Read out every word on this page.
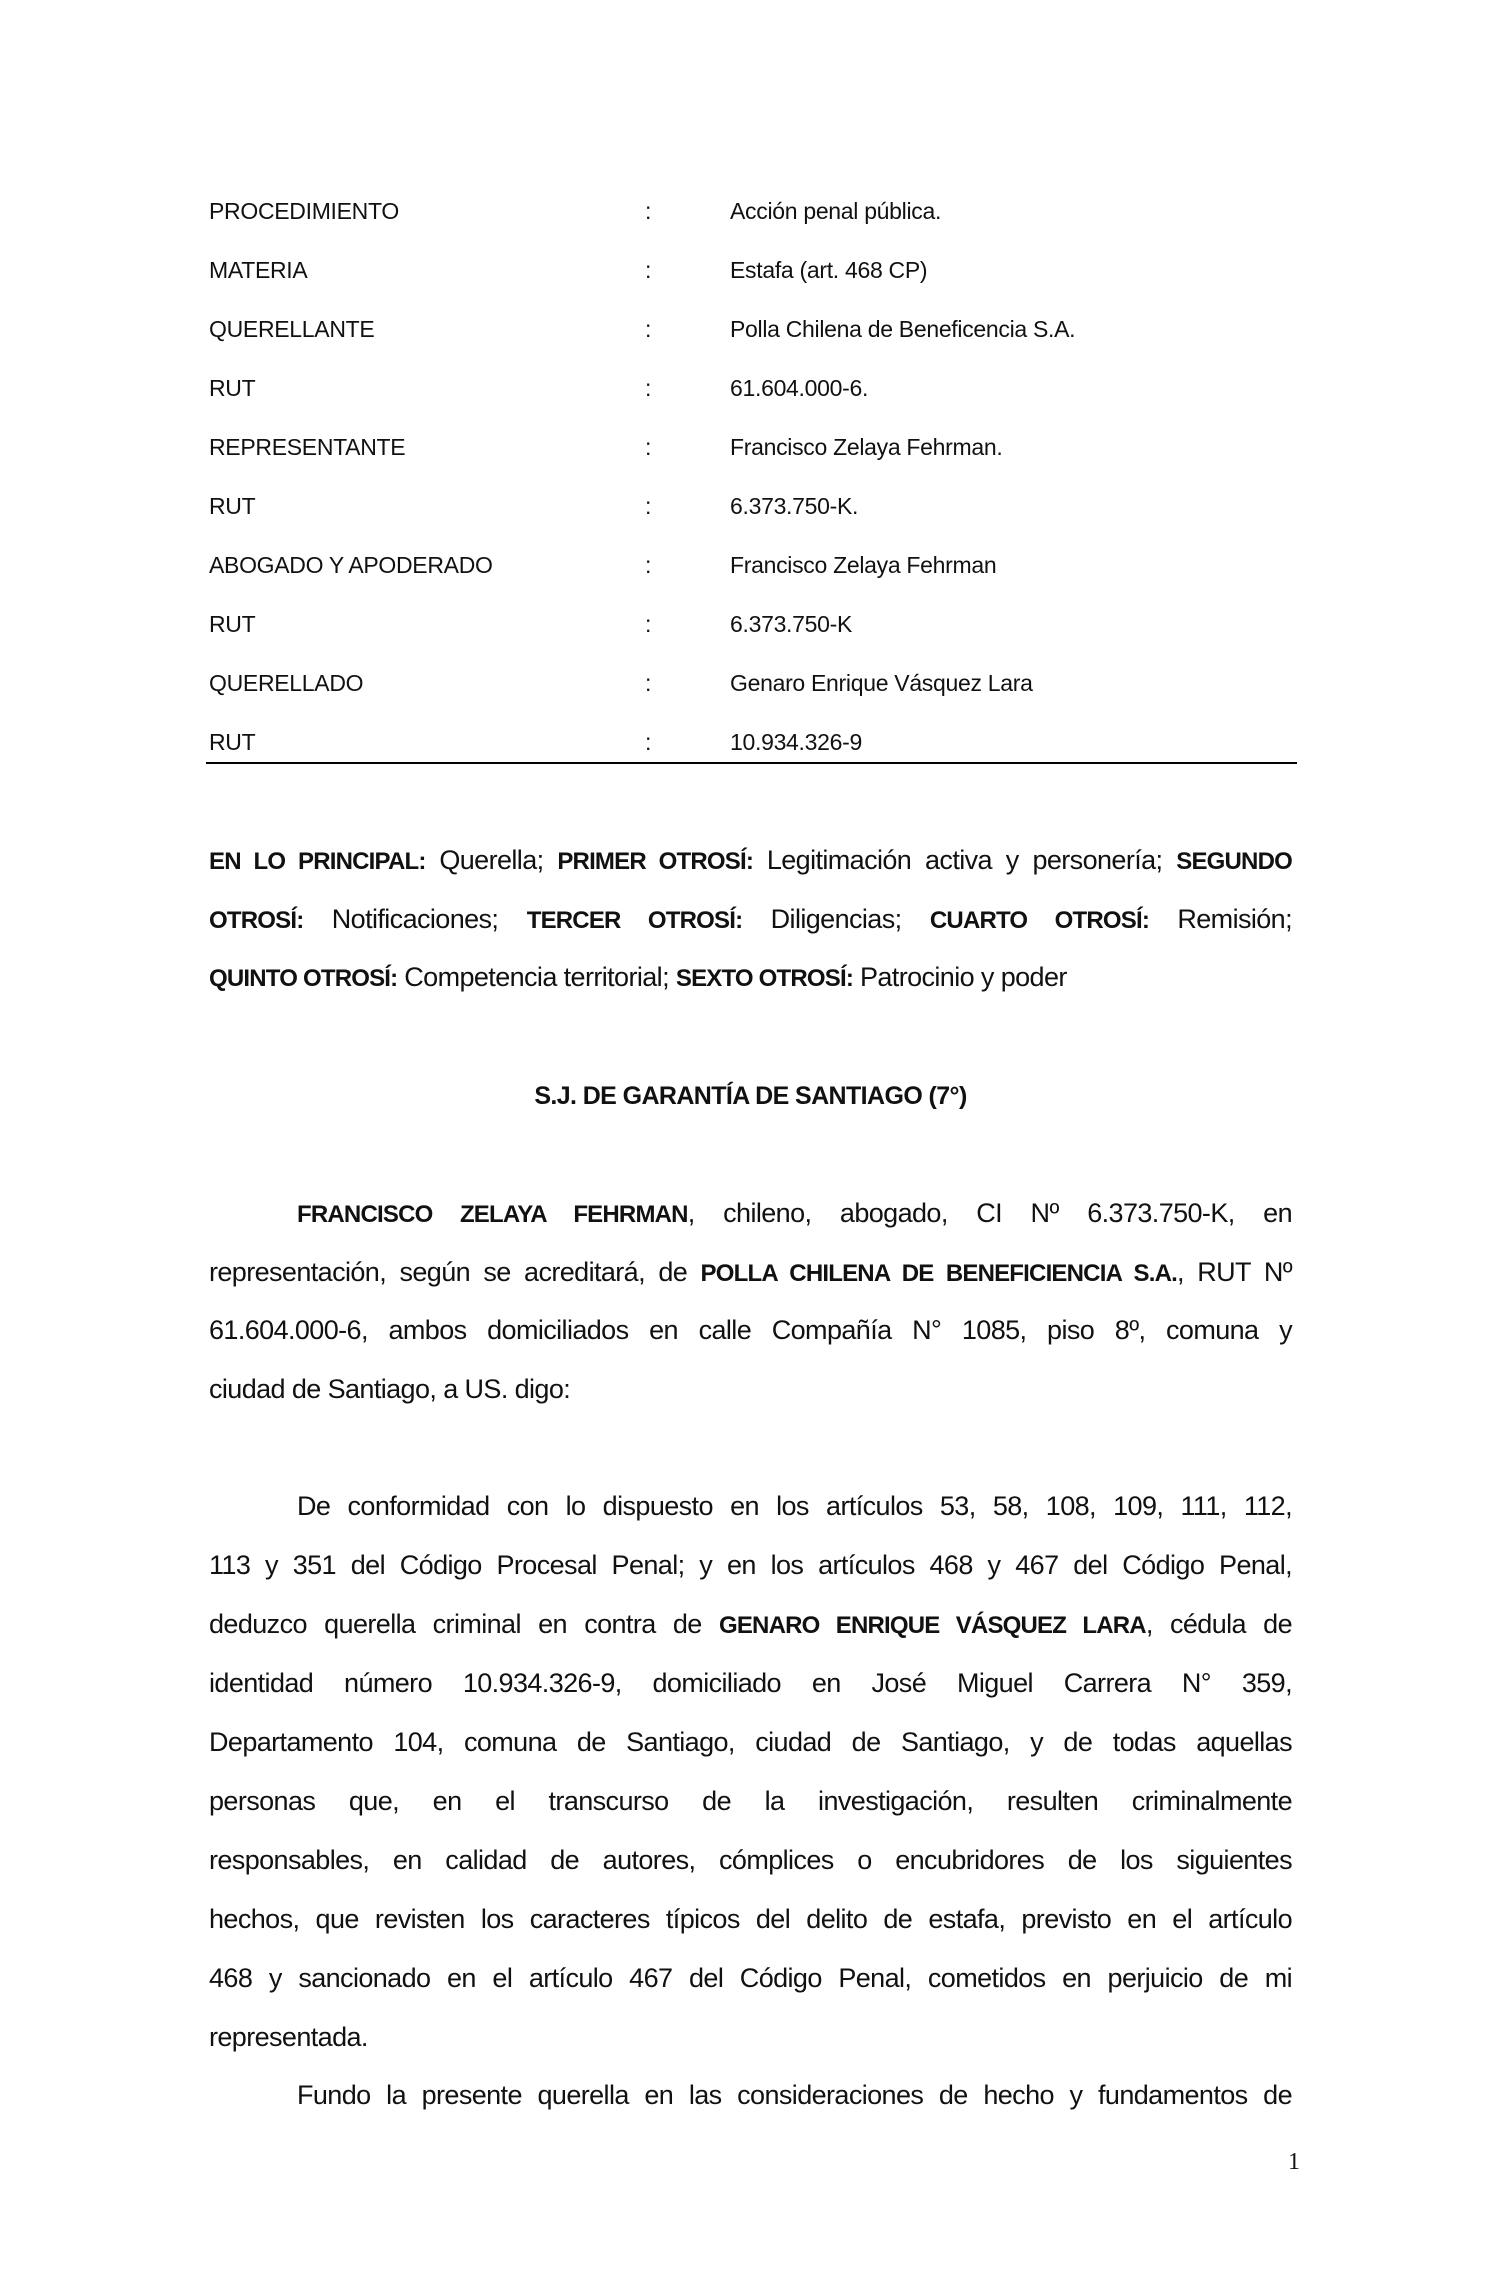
PROCEDIMIENTO	:	Acción penal pública.
MATERIA	:	Estafa (art. 468 CP)
QUERELLANTE	:	Polla Chilena de Beneficencia S.A.
RUT	:	61.604.000-6.
REPRESENTANTE	:	Francisco Zelaya Fehrman.
RUT	:	6.373.750-K.
ABOGADO Y APODERADO	:	Francisco Zelaya Fehrman
RUT	:	6.373.750-K
QUERELLADO	:	Genaro Enrique Vásquez Lara
RUT	:	10.934.326-9
EN LO PRINCIPAL: Querella; PRIMER OTROSÍ: Legitimación activa y personería; SEGUNDO
OTROSÍ: Notificaciones; TERCER OTROSÍ: Diligencias; CUARTO OTROSÍ: Remisión;
QUINTO OTROSÍ: Competencia territorial; SEXTO OTROSÍ: Patrocinio y poder
S.J. DE GARANTÍA DE SANTIAGO (7°)
FRANCISCO ZELAYA FEHRMAN, chileno, abogado, CI Nº 6.373.750-K, en
representación, según se acreditará, de POLLA CHILENA DE BENEFICIENCIA S.A., RUT Nº
61.604.000-6, ambos domiciliados en calle Compañía N° 1085, piso 8º, comuna y
ciudad de Santiago, a US. digo:
De conformidad con lo dispuesto en los artículos 53, 58, 108, 109, 111, 112,
113 y 351 del Código Procesal Penal; y en los artículos 468 y 467 del Código Penal,
deduzco querella criminal en contra de GENARO ENRIQUE VÁSQUEZ LARA, cédula de
identidad número 10.934.326-9, domiciliado en José Miguel Carrera N° 359,
Departamento 104, comuna de Santiago, ciudad de Santiago, y de todas aquellas
personas que, en el transcurso de la investigación, resulten criminalmente
responsables, en calidad de autores, cómplices o encubridores de los siguientes
hechos, que revisten los caracteres típicos del delito de estafa, previsto en el artículo
468 y sancionado en el artículo 467 del Código Penal, cometidos en perjuicio de mi
representada.
Fundo la presente querella en las consideraciones de hecho y fundamentos de
1
